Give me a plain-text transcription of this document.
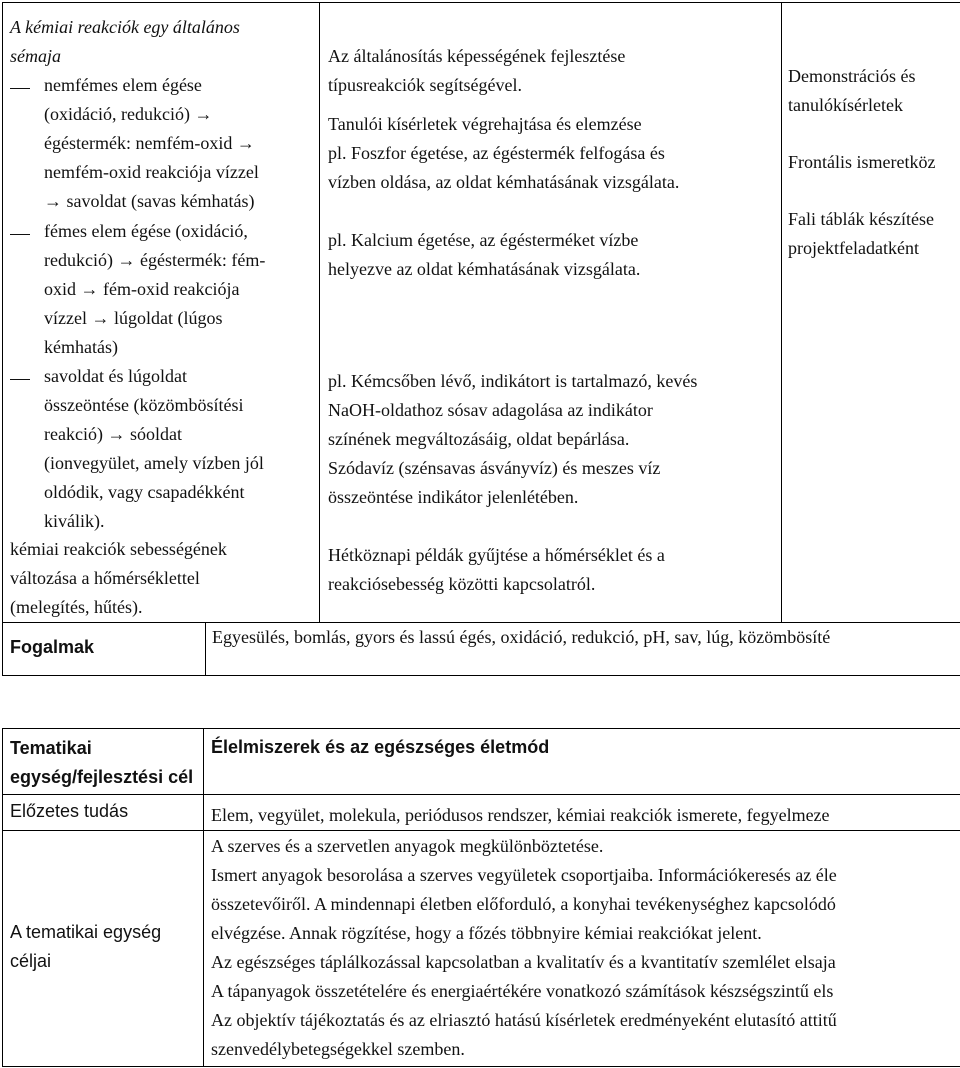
A kémiai reakciók egy általános
sémaja
nemfémes elem égése
(oxidáció, redukció) →
égéstermék: nemfém-oxid →
nemfém-oxid reakciója vízzel
→ savoldat (savas kémhatás)
fémes elem égése (oxidáció,
redukció) → égéstermék: fém-
oxid → fém-oxid reakciója
vízzel → lúgoldat (lúgos
kémhatás)
savoldat és lúgoldat
összeöntése (közömbösítési
reakció) → sóoldat
(ionvegyület, amely vízben jól
oldódik, vagy csapadékként
kiválik).
kémiai reakciók sebességének
változása a hőmérséklettel
(melegítés, hűtés).
Az általánosítás képességének fejlesztése
típusreakciók segítségével.
Tanulói kísérletek végrehajtása és elemzése
pl. Foszfor égetése, az égéstermék felfogása és
vízben oldása, az oldat kémhatásának vizsgálata.
pl. Kalcium égetése, az égésterméket vízbe
helyezve az oldat kémhatásának vizsgálata.
pl. Kémcsőben lévő, indikátort is tartalmazó, kevés
NaOH-oldathoz sósav adagolása az indikátor
színének megváltozásáig, oldat bepárlása.
Szódavíz (szénsavas ásványvíz) és meszes víz
összeöntése indikátor jelenlétében.
Hétköznapi példák gyűjtése a hőmérséklet és a
reakciósebesség közötti kapcsolatról.
Demonstrációs és
tanulókísérletek
Frontális ismeretköz
Fali táblák készítése
projektfeladatként
Fogalmak	Egyesülés, bomlás, gyors és lassú égés, oxidáció, redukció, pH, sav, lúg, közömbösíté
Tematikai
egység/fejlesztési cél
Előzetes tudás
A tematikai egység
céljai
Élelmiszerek és az egészséges életmód
Elem, vegyület, molekula, periódusos rendszer, kémiai reakciók ismerete, fegyelmeze
A szerves és a szervetlen anyagok megkülönböztetése.
Ismert anyagok besorolása a szerves vegyületek csoportjaiba. Információkeresés az éle
összetevőiről. A mindennapi életben előforduló, a konyhai tevékenységhez kapcsolódó
elvégzése. Annak rögzítése, hogy a főzés többnyire kémiai reakciókat jelent.
Az egészséges táplálkozással kapcsolatban a kvalitatív és a kvantitatív szemlélet elsaja
A tápanyagok összetételére és energiaértékére vonatkozó számítások készségszintű els
Az objektív tájékoztatás és az elriasztó hatású kísérletek eredményeként elutasító attitű
szenvedélybetegségekkel szemben.
